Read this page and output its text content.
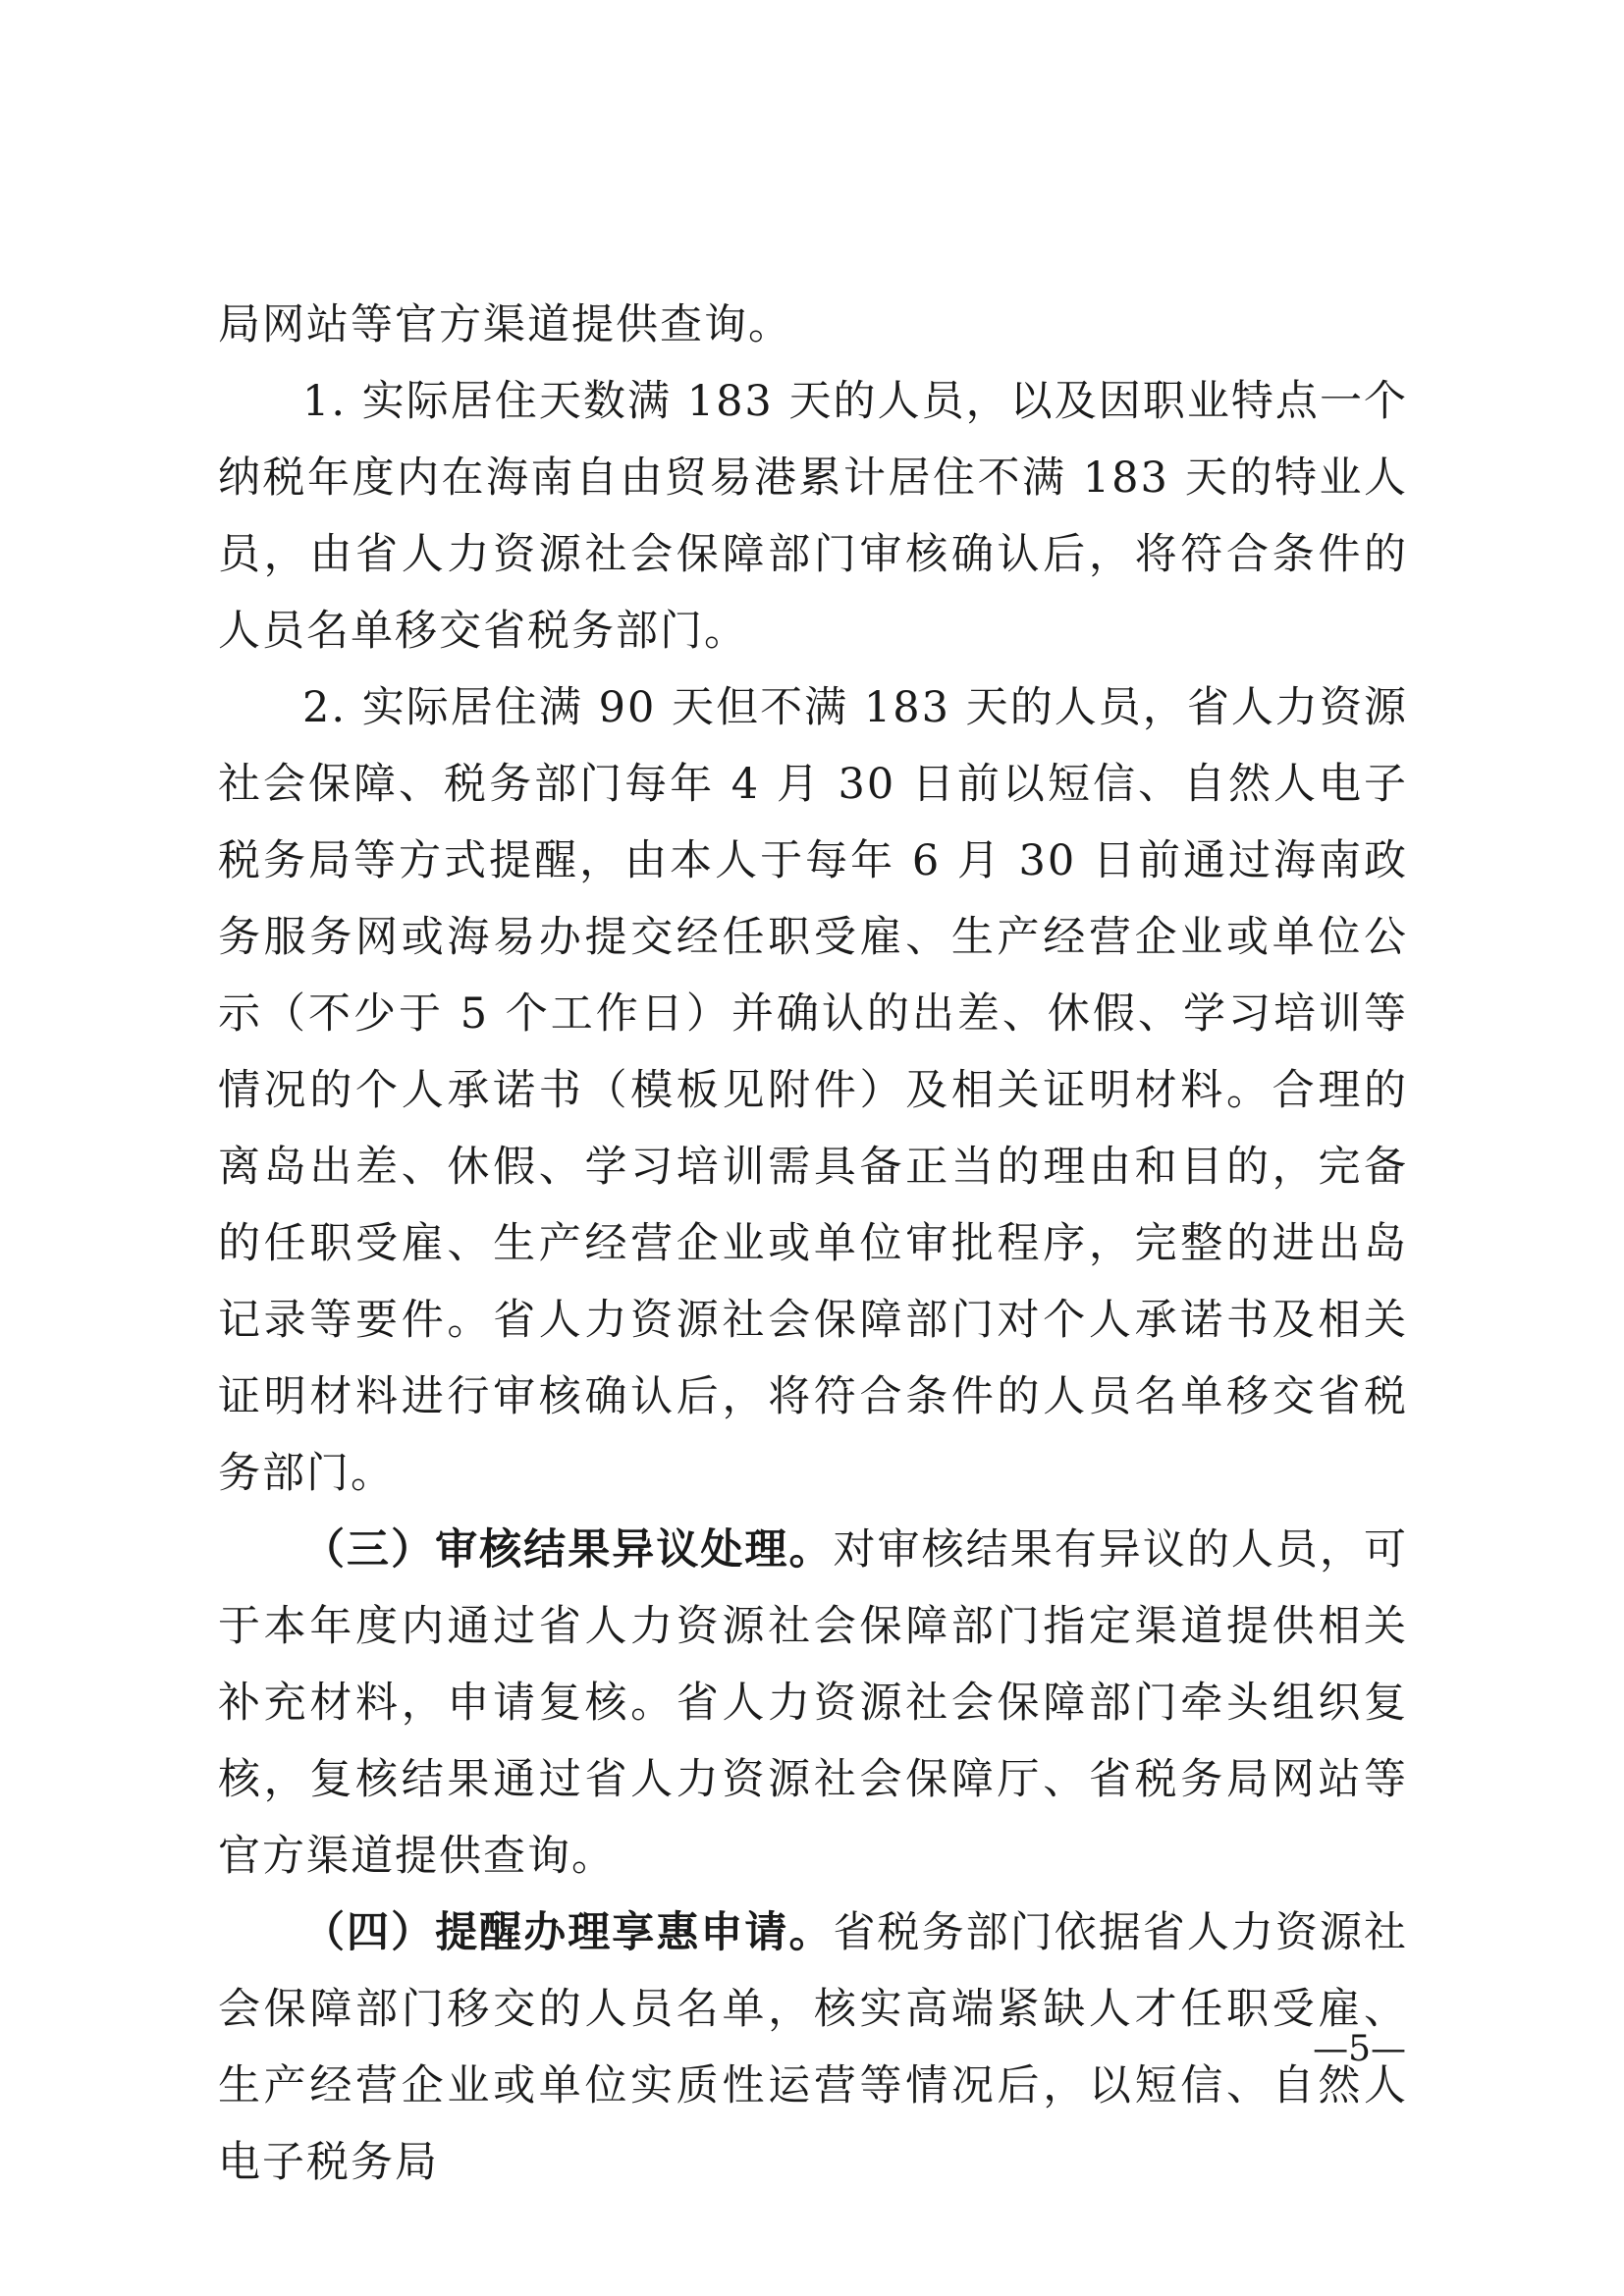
局网站等官方渠道提供查询。

1. 实际居住天数满 183 天的人员，以及因职业特点一个纳税年度内在海南自由贸易港累计居住不满 183 天的特业人员，由省人力资源社会保障部门审核确认后，将符合条件的人员名单移交省税务部门。

2. 实际居住满 90 天但不满 183 天的人员，省人力资源社会保障、税务部门每年 4 月 30 日前以短信、自然人电子税务局等方式提醒，由本人于每年 6 月 30 日前通过海南政务服务网或海易办提交经任职受雇、生产经营企业或单位公示（不少于 5 个工作日）并确认的出差、休假、学习培训等情况的个人承诺书（模板见附件）及相关证明材料。合理的离岛出差、休假、学习培训需具备正当的理由和目的，完备的任职受雇、生产经营企业或单位审批程序，完整的进出岛记录等要件。省人力资源社会保障部门对个人承诺书及相关证明材料进行审核确认后，将符合条件的人员名单移交省税务部门。

（三）审核结果异议处理。对审核结果有异议的人员，可于本年度内通过省人力资源社会保障部门指定渠道提供相关补充材料，申请复核。省人力资源社会保障部门牵头组织复核，复核结果通过省人力资源社会保障厅、省税务局网站等官方渠道提供查询。

（四）提醒办理享惠申请。省税务部门依据省人力资源社会保障部门移交的人员名单，核实高端紧缺人才任职受雇、生产经营企业或单位实质性运营等情况后，以短信、自然人电子税务局

—5—
